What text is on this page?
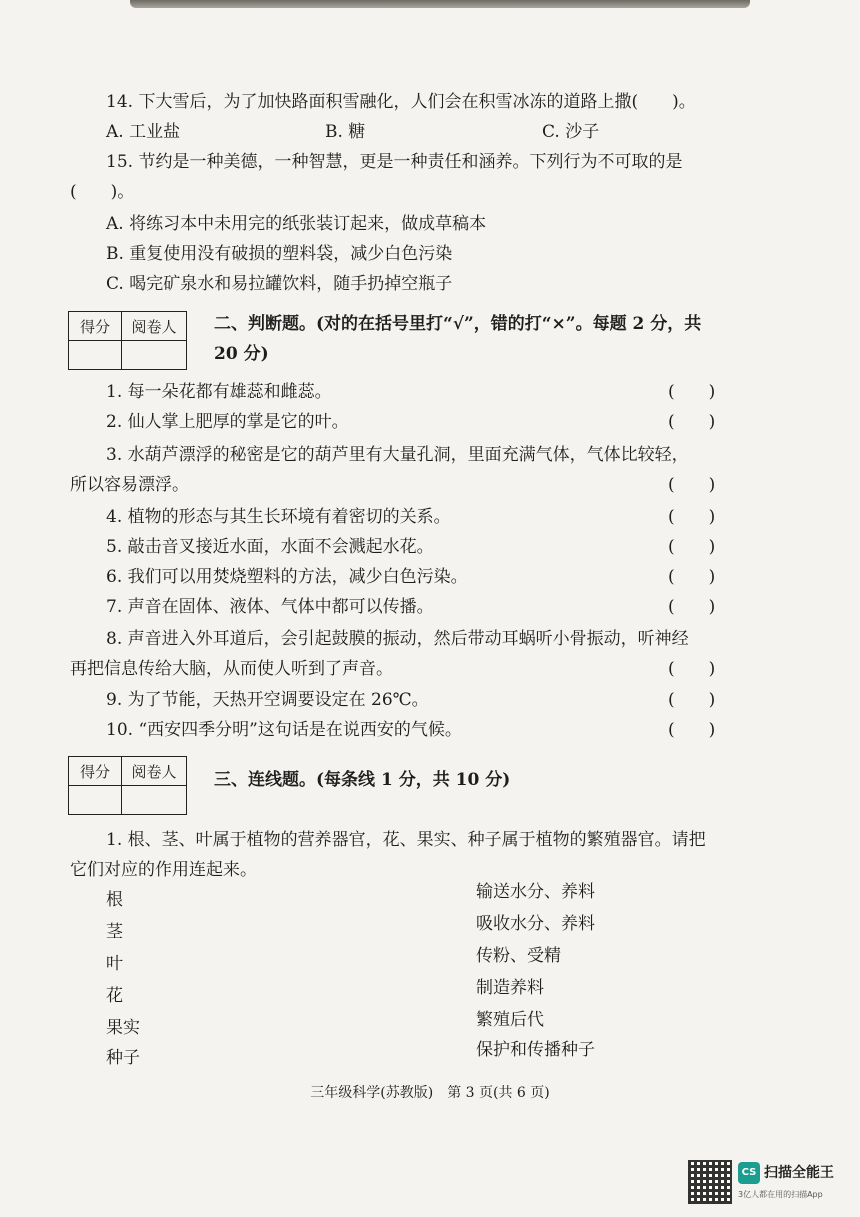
14. 下大雪后，为了加快路面积雪融化，人们会在积雪冰冻的道路上撒(　　)。
A. 工业盐	B. 糖	C. 沙子
15. 节约是一种美德，一种智慧，更是一种责任和涵养。下列行为不可取的是
(　　)。
A. 将练习本中未用完的纸张装订起来，做成草稿本
B. 重复使用没有破损的塑料袋，减少白色污染
C. 喝完矿泉水和易拉罐饮料，随手扔掉空瓶子
得分	阅卷人
	二、判断题。(对的在括号里打“√”，错的打“×”。每题 2 分，共
20 分)
1. 每一朵花都有雄蕊和雌蕊。	(　　)
2. 仙人掌上肥厚的掌是它的叶。	(　　)
3. 水葫芦漂浮的秘密是它的葫芦里有大量孔洞，里面充满气体，气体比较轻，
所以容易漂浮。	(　　)
4. 植物的形态与其生长环境有着密切的关系。	(　　)
5. 敲击音叉接近水面，水面不会溅起水花。	(　　)
6. 我们可以用焚烧塑料的方法，减少白色污染。	(　　)
7. 声音在固体、液体、气体中都可以传播。	(　　)
8. 声音进入外耳道后，会引起鼓膜的振动，然后带动耳蜗听小骨振动，听神经
再把信息传给大脑，从而使人听到了声音。	(　　)
9. 为了节能，天热开空调要设定在 26℃。	(　　)
10. “西安四季分明”这句话是在说西安的气候。	(　　)
得分	阅卷人
	三、连线题。(每条线 1 分，共 10 分)
1. 根、茎、叶属于植物的营养器官，花、果实、种子属于植物的繁殖器官。请把
它们对应的作用连起来。
根
茎
叶
花
果实
种子
输送水分、养料
吸收水分、养料
传粉、受精
制造养料
繁殖后代
保护和传播种子
三年级科学(苏教版)　第 3 页(共 6 页)
CS 扫描全能王
3亿人都在用的扫描App
